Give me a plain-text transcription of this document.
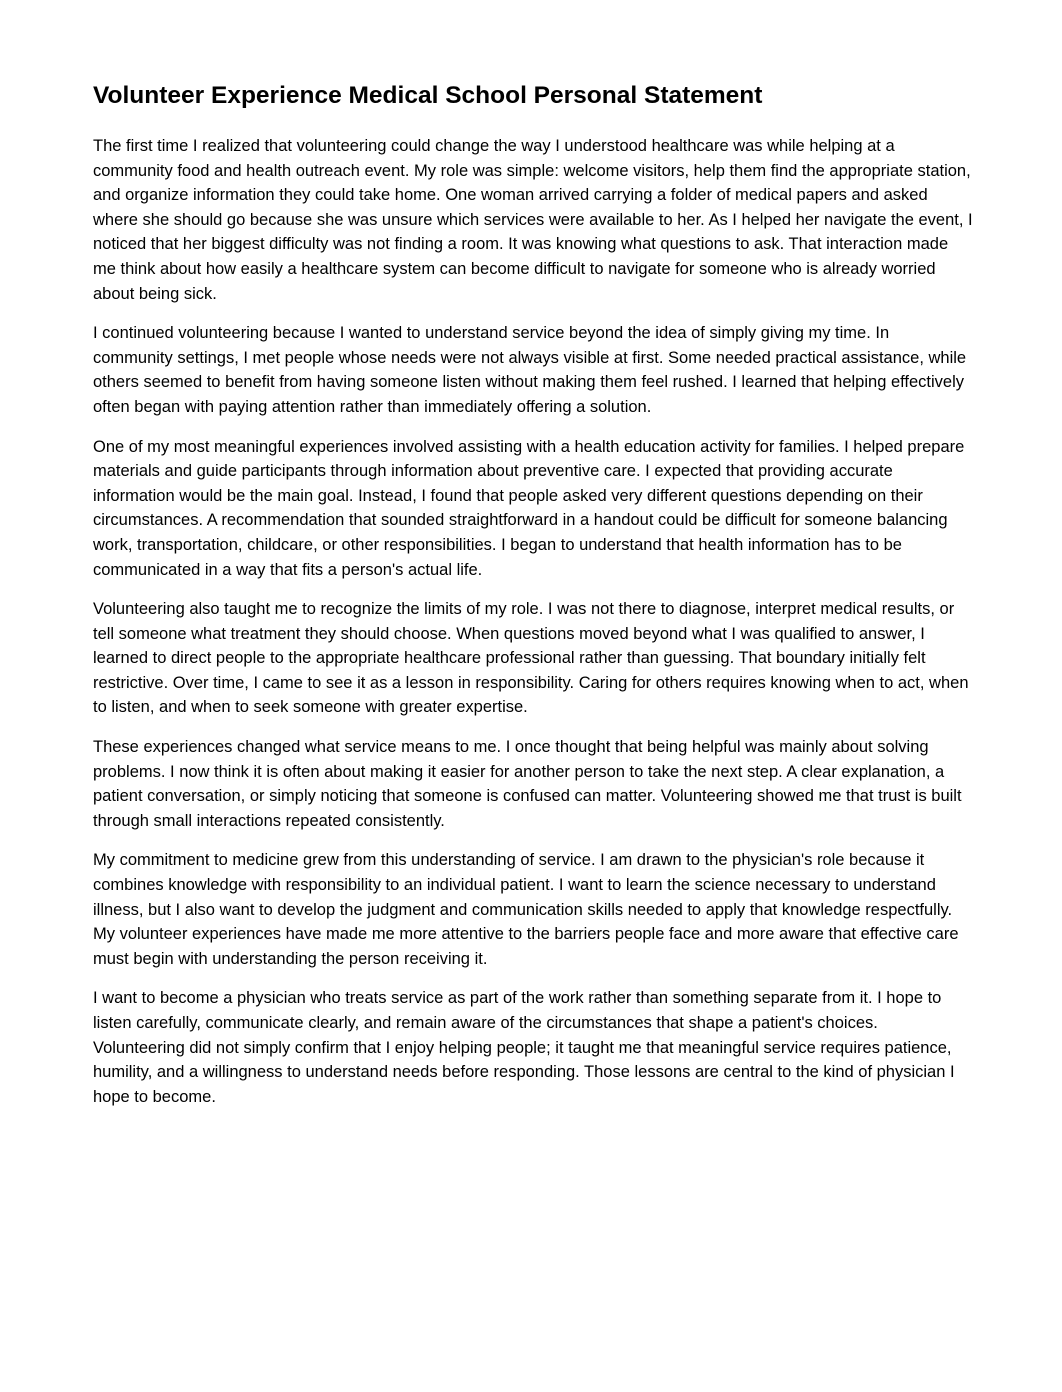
Volunteer Experience Medical School Personal Statement

The first time I realized that volunteering could change the way I understood healthcare was while helping at a community food and health outreach event. My role was simple: welcome visitors, help them find the appropriate station, and organize information they could take home. One woman arrived carrying a folder of medical papers and asked where she should go because she was unsure which services were available to her. As I helped her navigate the event, I noticed that her biggest difficulty was not finding a room. It was knowing what questions to ask. That interaction made me think about how easily a healthcare system can become difficult to navigate for someone who is already worried about being sick.

I continued volunteering because I wanted to understand service beyond the idea of simply giving my time. In community settings, I met people whose needs were not always visible at first. Some needed practical assistance, while others seemed to benefit from having someone listen without making them feel rushed. I learned that helping effectively often began with paying attention rather than immediately offering a solution.

One of my most meaningful experiences involved assisting with a health education activity for families. I helped prepare materials and guide participants through information about preventive care. I expected that providing accurate information would be the main goal. Instead, I found that people asked very different questions depending on their circumstances. A recommendation that sounded straightforward in a handout could be difficult for someone balancing work, transportation, childcare, or other responsibilities. I began to understand that health information has to be communicated in a way that fits a person's actual life.

Volunteering also taught me to recognize the limits of my role. I was not there to diagnose, interpret medical results, or tell someone what treatment they should choose. When questions moved beyond what I was qualified to answer, I learned to direct people to the appropriate healthcare professional rather than guessing. That boundary initially felt restrictive. Over time, I came to see it as a lesson in responsibility. Caring for others requires knowing when to act, when to listen, and when to seek someone with greater expertise.

These experiences changed what service means to me. I once thought that being helpful was mainly about solving problems. I now think it is often about making it easier for another person to take the next step. A clear explanation, a patient conversation, or simply noticing that someone is confused can matter. Volunteering showed me that trust is built through small interactions repeated consistently.

My commitment to medicine grew from this understanding of service. I am drawn to the physician's role because it combines knowledge with responsibility to an individual patient. I want to learn the science necessary to understand illness, but I also want to develop the judgment and communication skills needed to apply that knowledge respectfully. My volunteer experiences have made me more attentive to the barriers people face and more aware that effective care must begin with understanding the person receiving it.

I want to become a physician who treats service as part of the work rather than something separate from it. I hope to listen carefully, communicate clearly, and remain aware of the circumstances that shape a patient's choices. Volunteering did not simply confirm that I enjoy helping people; it taught me that meaningful service requires patience, humility, and a willingness to understand needs before responding. Those lessons are central to the kind of physician I hope to become.
